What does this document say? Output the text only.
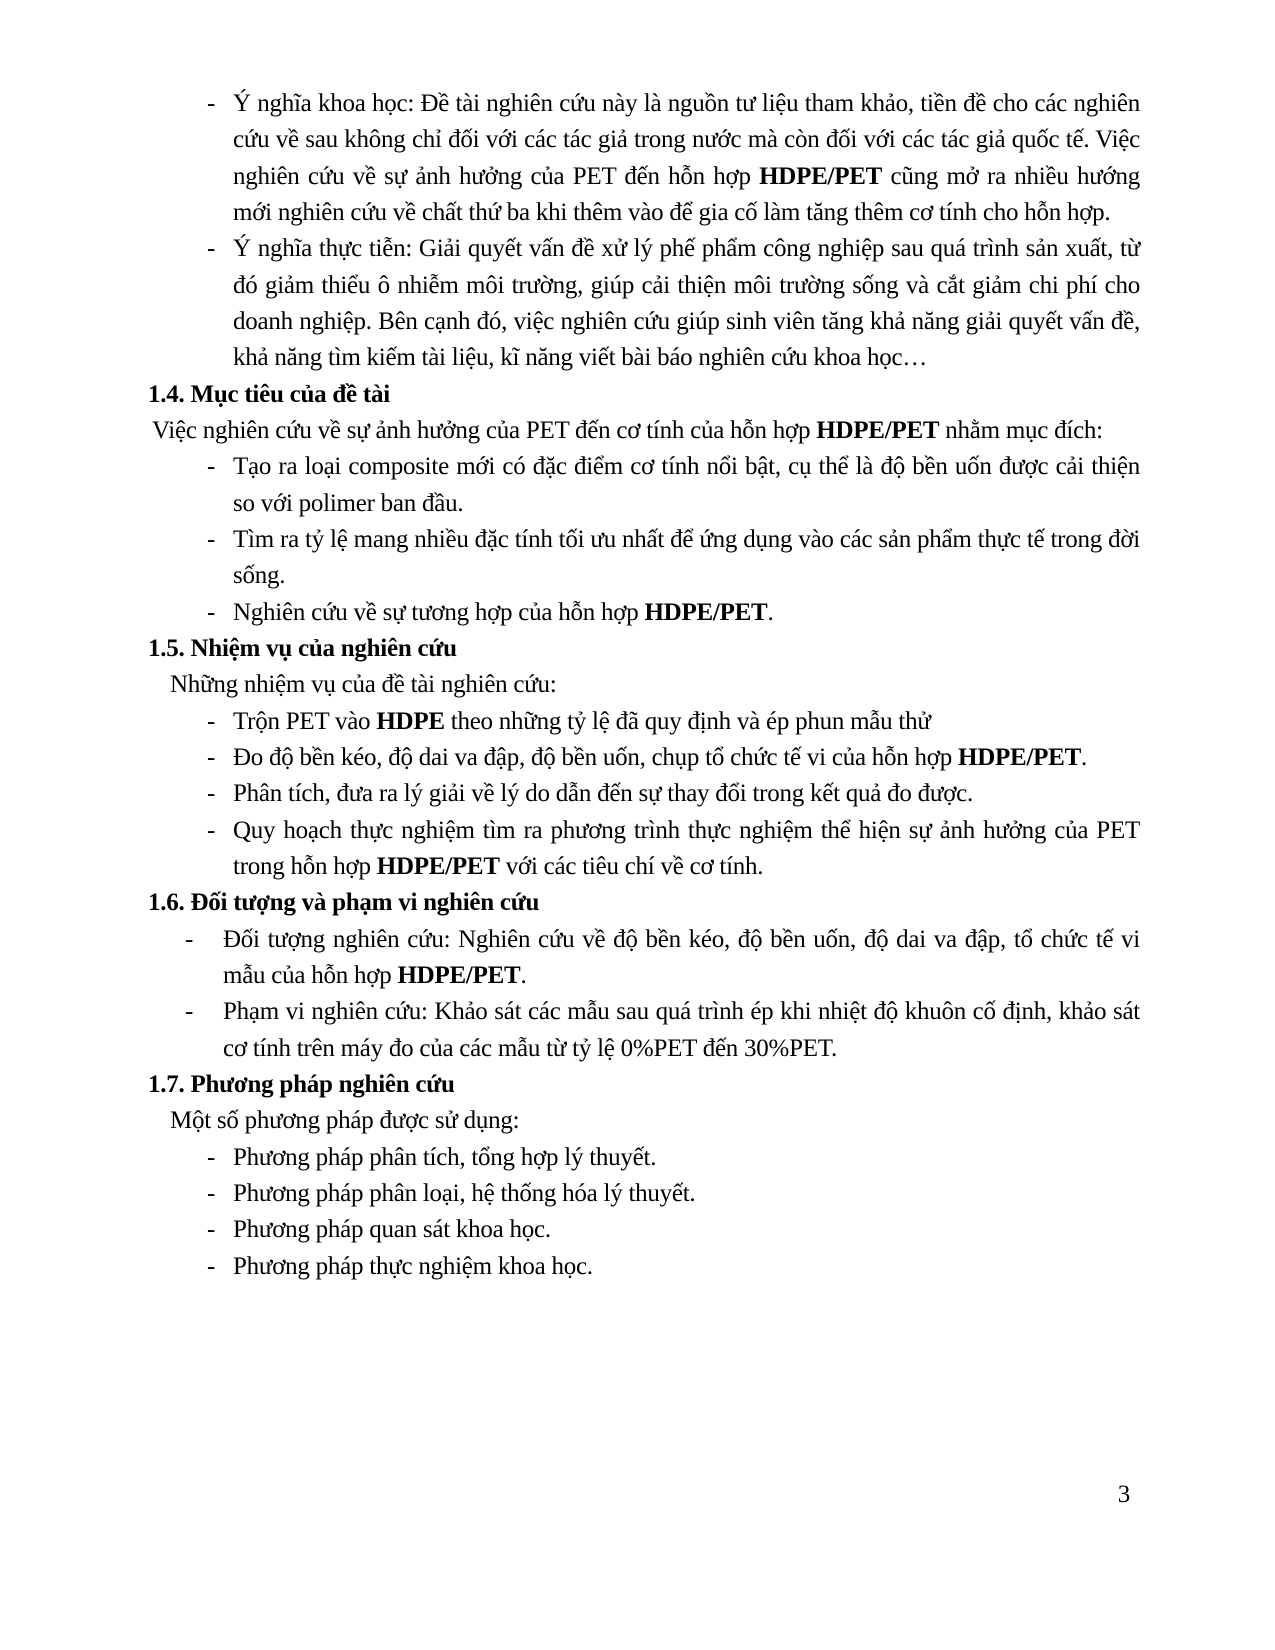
- Ý nghĩa khoa học: Đề tài nghiên cứu này là nguồn tư liệu tham khảo, tiền đề cho các nghiên cứu về sau không chỉ đối với các tác giả trong nước mà còn đối với các tác giả quốc tế. Việc nghiên cứu về sự ảnh hưởng của PET đến hỗn hợp HDPE/PET cũng mở ra nhiều hướng mới nghiên cứu về chất thứ ba khi thêm vào để gia cố làm tăng thêm cơ tính cho hỗn hợp.
- Ý nghĩa thực tiễn: Giải quyết vấn đề xử lý phế phẩm công nghiệp sau quá trình sản xuất, từ đó giảm thiểu ô nhiễm môi trường, giúp cải thiện môi trường sống và cắt giảm chi phí cho doanh nghiệp. Bên cạnh đó, việc nghiên cứu giúp sinh viên tăng khả năng giải quyết vấn đề, khả năng tìm kiếm tài liệu, kĩ năng viết bài báo nghiên cứu khoa học…
1.4. Mục tiêu của đề tài
Việc nghiên cứu về sự ảnh hưởng của PET đến cơ tính của hỗn hợp HDPE/PET nhằm mục đích:
- Tạo ra loại composite mới có đặc điểm cơ tính nổi bật, cụ thể là độ bền uốn được cải thiện so với polimer ban đầu.
- Tìm ra tỷ lệ mang nhiều đặc tính tối ưu nhất để ứng dụng vào các sản phẩm thực tế trong đời sống.
- Nghiên cứu về sự tương hợp của hỗn hợp HDPE/PET.
1.5. Nhiệm vụ của nghiên cứu
Những nhiệm vụ của đề tài nghiên cứu:
- Trộn PET vào HDPE theo những tỷ lệ đã quy định và ép phun mẫu thử
- Đo độ bền kéo, độ dai va đập, độ bền uốn, chụp tổ chức tế vi của hỗn hợp HDPE/PET.
- Phân tích, đưa ra lý giải về lý do dẫn đến sự thay đổi trong kết quả đo được.
- Quy hoạch thực nghiệm tìm ra phương trình thực nghiệm thể hiện sự ảnh hưởng của PET trong hỗn hợp HDPE/PET với các tiêu chí về cơ tính.
1.6. Đối tượng và phạm vi nghiên cứu
-	Đối tượng nghiên cứu: Nghiên cứu về độ bền kéo, độ bền uốn, độ dai va đập, tổ chức tế vi mẫu của hỗn hợp HDPE/PET.
-	Phạm vi nghiên cứu: Khảo sát các mẫu sau quá trình ép khi nhiệt độ khuôn cố định, khảo sát cơ tính trên máy đo của các mẫu từ tỷ lệ 0%PET đến 30%PET.
1.7. Phương pháp nghiên cứu
Một số phương pháp được sử dụng:
- Phương pháp phân tích, tổng hợp lý thuyết.
- Phương pháp phân loại, hệ thống hóa lý thuyết.
- Phương pháp quan sát khoa học.
- Phương pháp thực nghiệm khoa học.
3
